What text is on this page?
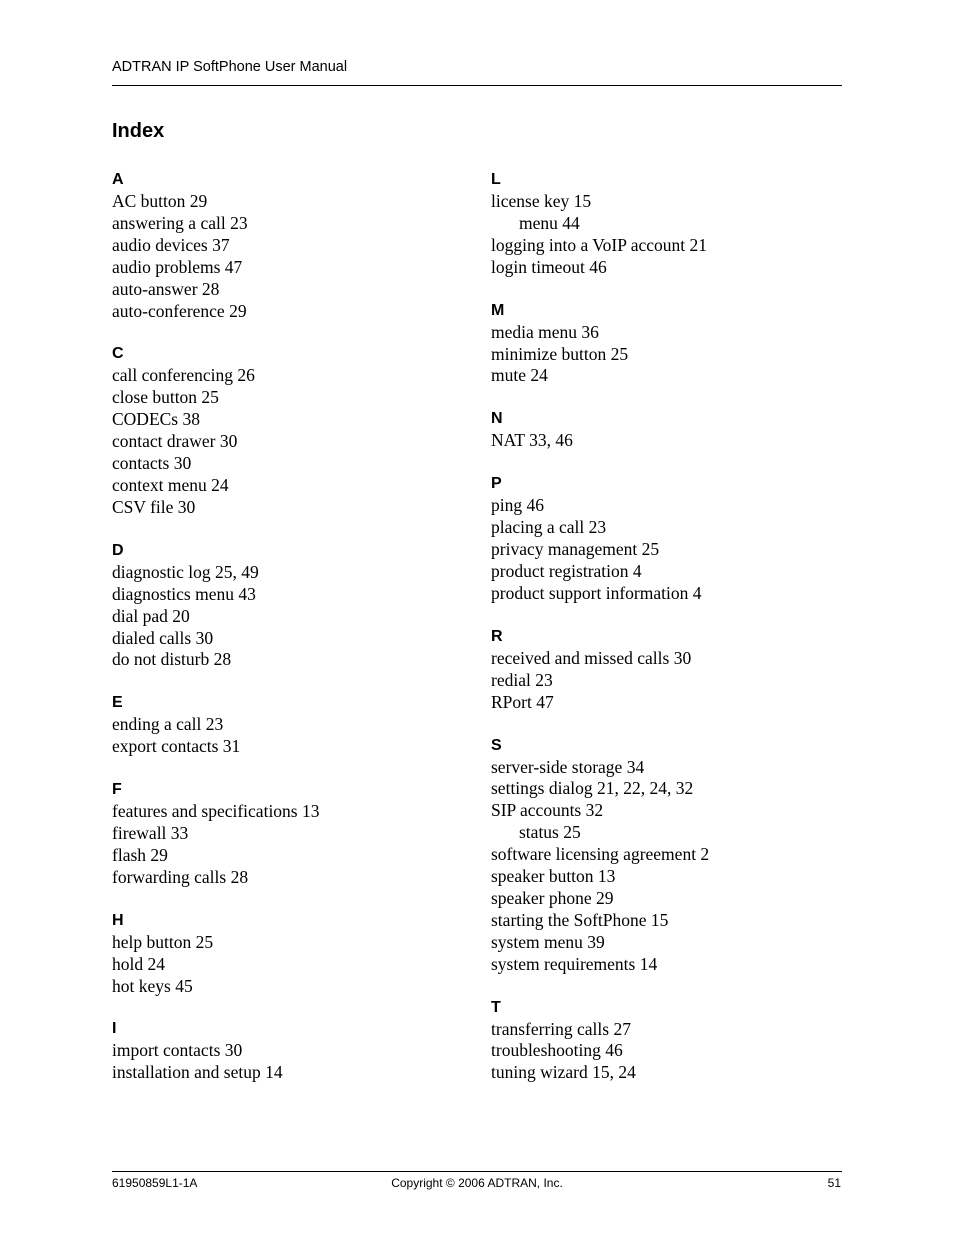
ADTRAN IP SoftPhone User Manual
Index
A
AC button 29
answering a call 23
audio devices 37
audio problems 47
auto-answer 28
auto-conference 29
C
call conferencing 26
close button 25
CODECs 38
contact drawer 30
contacts 30
context menu 24
CSV file 30
D
diagnostic log 25, 49
diagnostics menu 43
dial pad 20
dialed calls 30
do not disturb 28
E
ending a call 23
export contacts 31
F
features and specifications 13
firewall 33
flash 29
forwarding calls 28
H
help button 25
hold 24
hot keys 45
I
import contacts 30
installation and setup 14
L
license key 15
menu 44
logging into a VoIP account 21
login timeout 46
M
media menu 36
minimize button 25
mute 24
N
NAT 33, 46
P
ping 46
placing a call 23
privacy management 25
product registration 4
product support information 4
R
received and missed calls 30
redial 23
RPort 47
S
server-side storage 34
settings dialog 21, 22, 24, 32
SIP accounts 32
status 25
software licensing agreement 2
speaker button 13
speaker phone 29
starting the SoftPhone 15
system menu 39
system requirements 14
T
transferring calls 27
troubleshooting 46
tuning wizard 15, 24
61950859L1-1A	Copyright © 2006 ADTRAN, Inc.	51
